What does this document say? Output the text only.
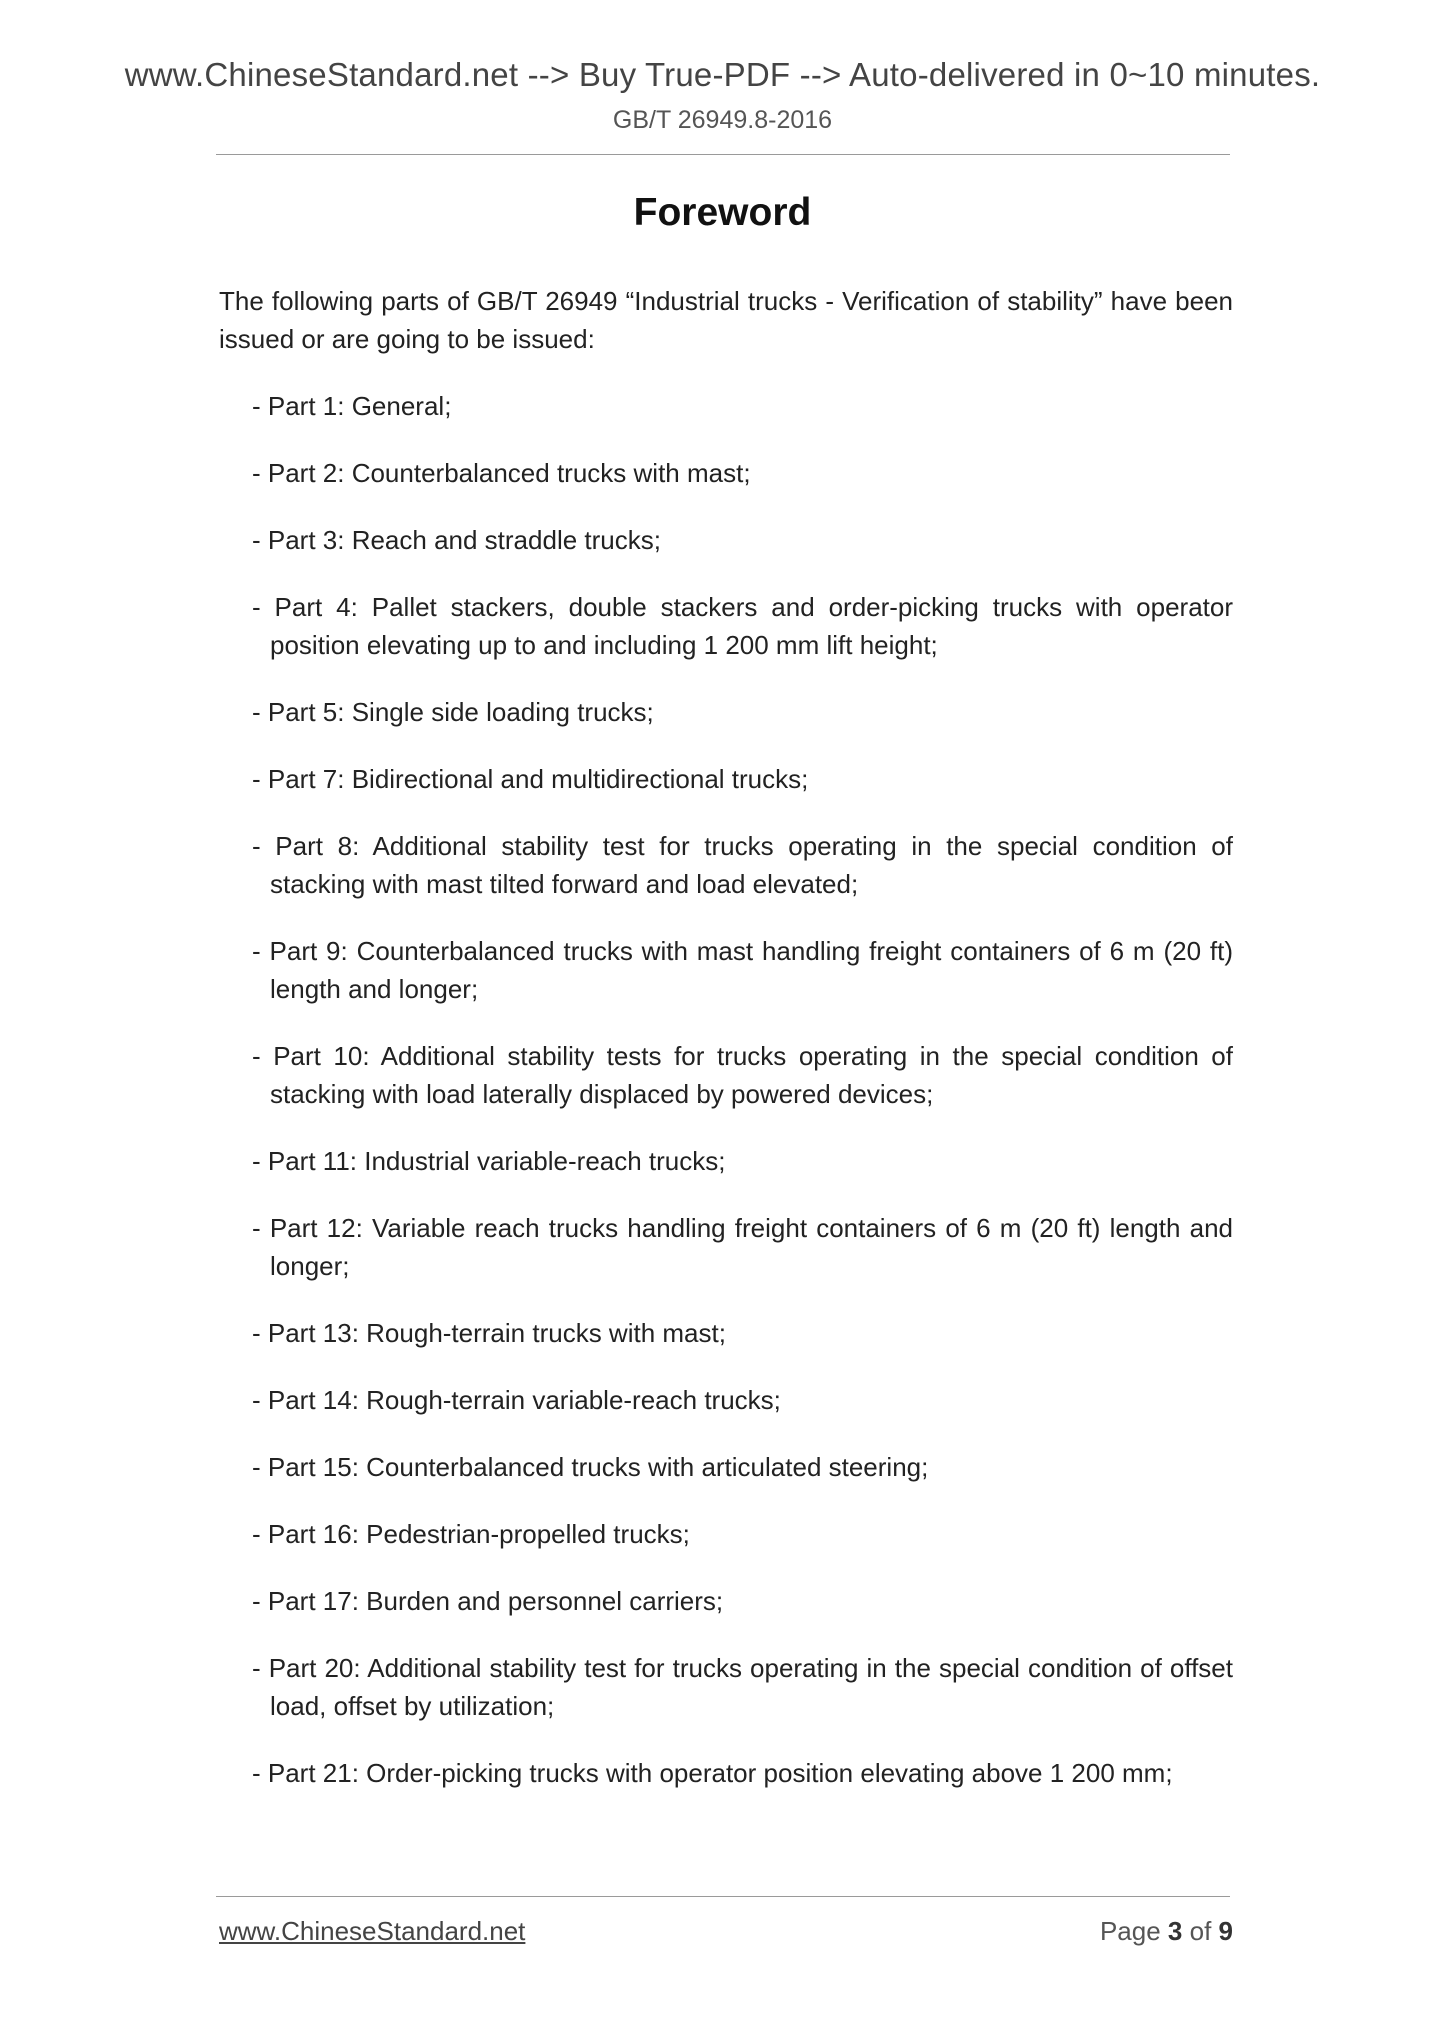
www.ChineseStandard.net --> Buy True-PDF --> Auto-delivered in 0~10 minutes.
GB/T 26949.8-2016
Foreword

The following parts of GB/T 26949 “Industrial trucks - Verification of stability” have been issued or are going to be issued:

- Part 1: General;
- Part 2: Counterbalanced trucks with mast;
- Part 3: Reach and straddle trucks;
- Part 4: Pallet stackers, double stackers and order-picking trucks with operator position elevating up to and including 1 200 mm lift height;
- Part 5: Single side loading trucks;
- Part 7: Bidirectional and multidirectional trucks;
- Part 8: Additional stability test for trucks operating in the special condition of stacking with mast tilted forward and load elevated;
- Part 9: Counterbalanced trucks with mast handling freight containers of 6 m (20 ft) length and longer;
- Part 10: Additional stability tests for trucks operating in the special condition of stacking with load laterally displaced by powered devices;
- Part 11: Industrial variable-reach trucks;
- Part 12: Variable reach trucks handling freight containers of 6 m (20 ft) length and longer;
- Part 13: Rough-terrain trucks with mast;
- Part 14: Rough-terrain variable-reach trucks;
- Part 15: Counterbalanced trucks with articulated steering;
- Part 16: Pedestrian-propelled trucks;
- Part 17: Burden and personnel carriers;
- Part 20: Additional stability test for trucks operating in the special condition of offset load, offset by utilization;
- Part 21: Order-picking trucks with operator position elevating above 1 200 mm;
www.ChineseStandard.net	Page 3 of 9
